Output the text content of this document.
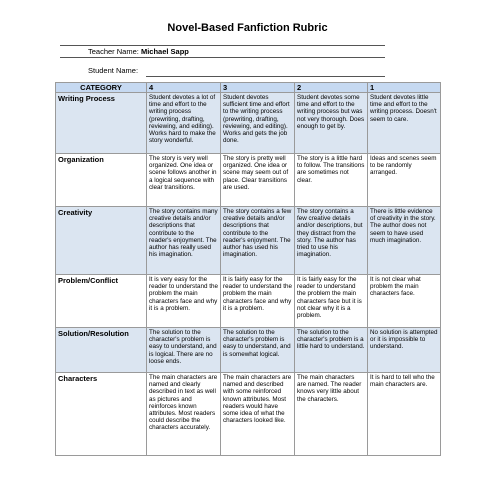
Novel-Based Fanfiction Rubric
Teacher Name: Michael Sapp
Student Name:
CATEGORY	4	3	2	1
Writing Process	Student devotes a lot of time and effort to the writing process (prewriting, drafting, reviewing, and editing). Works hard to make the story wonderful.	Student devotes sufficient time and effort to the writing process (prewriting, drafting, reviewing, and editing). Works and gets the job done.	Student devotes some time and effort to the writing process but was not very thorough. Does enough to get by.	Student devotes little time and effort to the writing process. Doesn't seem to care.
Organization	The story is very well organized. One idea or scene follows another in a logical sequence with clear transitions.	The story is pretty well organized. One idea or scene may seem out of place. Clear transitions are used.	The story is a little hard to follow. The transitions are sometimes not clear.	Ideas and scenes seem to be randomly arranged.
Creativity	The story contains many creative details and/or descriptions that contribute to the reader's enjoyment. The author has really used his imagination.	The story contains a few creative details and/or descriptions that contribute to the reader's enjoyment. The author has used his imagination.	The story contains a few creative details and/or descriptions, but they distract from the story. The author has tried to use his imagination.	There is little evidence of creativity in the story. The author does not seem to have used much imagination.
Problem/Conflict	It is very easy for the reader to understand the problem the main characters face and why it is a problem.	It is fairly easy for the reader to understand the problem the main characters face and why it is a problem.	It is fairly easy for the reader to understand the problem the main characters face but it is not clear why it is a problem.	It is not clear what problem the main characters face.
Solution/Resolution	The solution to the character's problem is easy to understand, and is logical. There are no loose ends.	The solution to the character's problem is easy to understand, and is somewhat logical.	The solution to the character's problem is a little hard to understand.	No solution is attempted or it is impossible to understand.
Characters	The main characters are named and clearly described in text as well as pictures and reinforces known attributes. Most readers could describe the characters accurately.	The main characters are named and described with some reinforced known attributes. Most readers would have some idea of what the characters looked like.	The main characters are named. The reader knows very little about the characters.	It is hard to tell who the main characters are.
